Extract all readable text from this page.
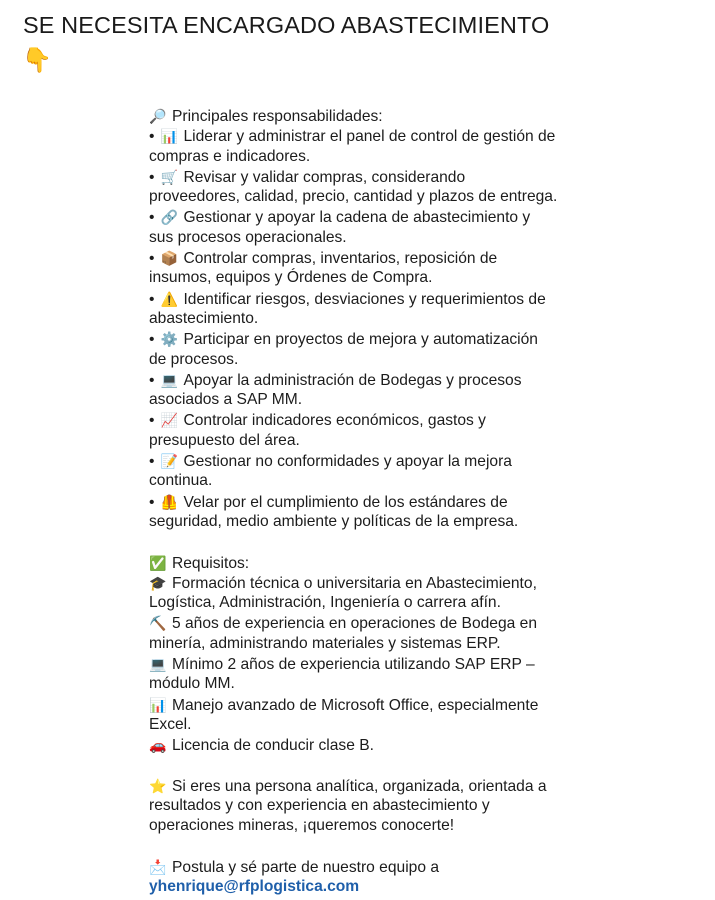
SE NECESITA ENCARGADO ABASTECIMIENTO
👇
🔎 Principales responsabilidades:
• 📊 Liderar y administrar el panel de control de gestión de
compras e indicadores.
• 🛒 Revisar y validar compras, considerando
proveedores, calidad, precio, cantidad y plazos de entrega.
• 🔗 Gestionar y apoyar la cadena de abastecimiento y
sus procesos operacionales.
• 📦 Controlar compras, inventarios, reposición de
insumos, equipos y Órdenes de Compra.
• ⚠️ Identificar riesgos, desviaciones y requerimientos de
abastecimiento.
• ⚙️ Participar en proyectos de mejora y automatización
de procesos.
• 💻 Apoyar la administración de Bodegas y procesos
asociados a SAP MM.
• 📈 Controlar indicadores económicos, gastos y
presupuesto del área.
• 📝 Gestionar no conformidades y apoyar la mejora
continua.
• 🦺 Velar por el cumplimiento de los estándares de
seguridad, medio ambiente y políticas de la empresa.
✅ Requisitos:
🎓 Formación técnica o universitaria en Abastecimiento,
Logística, Administración, Ingeniería o carrera afín.
⛏️ 5 años de experiencia en operaciones de Bodega en
minería, administrando materiales y sistemas ERP.
💻 Mínimo 2 años de experiencia utilizando SAP ERP –
módulo MM.
📊 Manejo avanzado de Microsoft Office, especialmente
Excel.
🚗 Licencia de conducir clase B.
⭐ Si eres una persona analítica, organizada, orientada a
resultados y con experiencia en abastecimiento y
operaciones mineras, ¡queremos conocerte!
📩 Postula y sé parte de nuestro equipo a
yhenrique@rfplogistica.com
